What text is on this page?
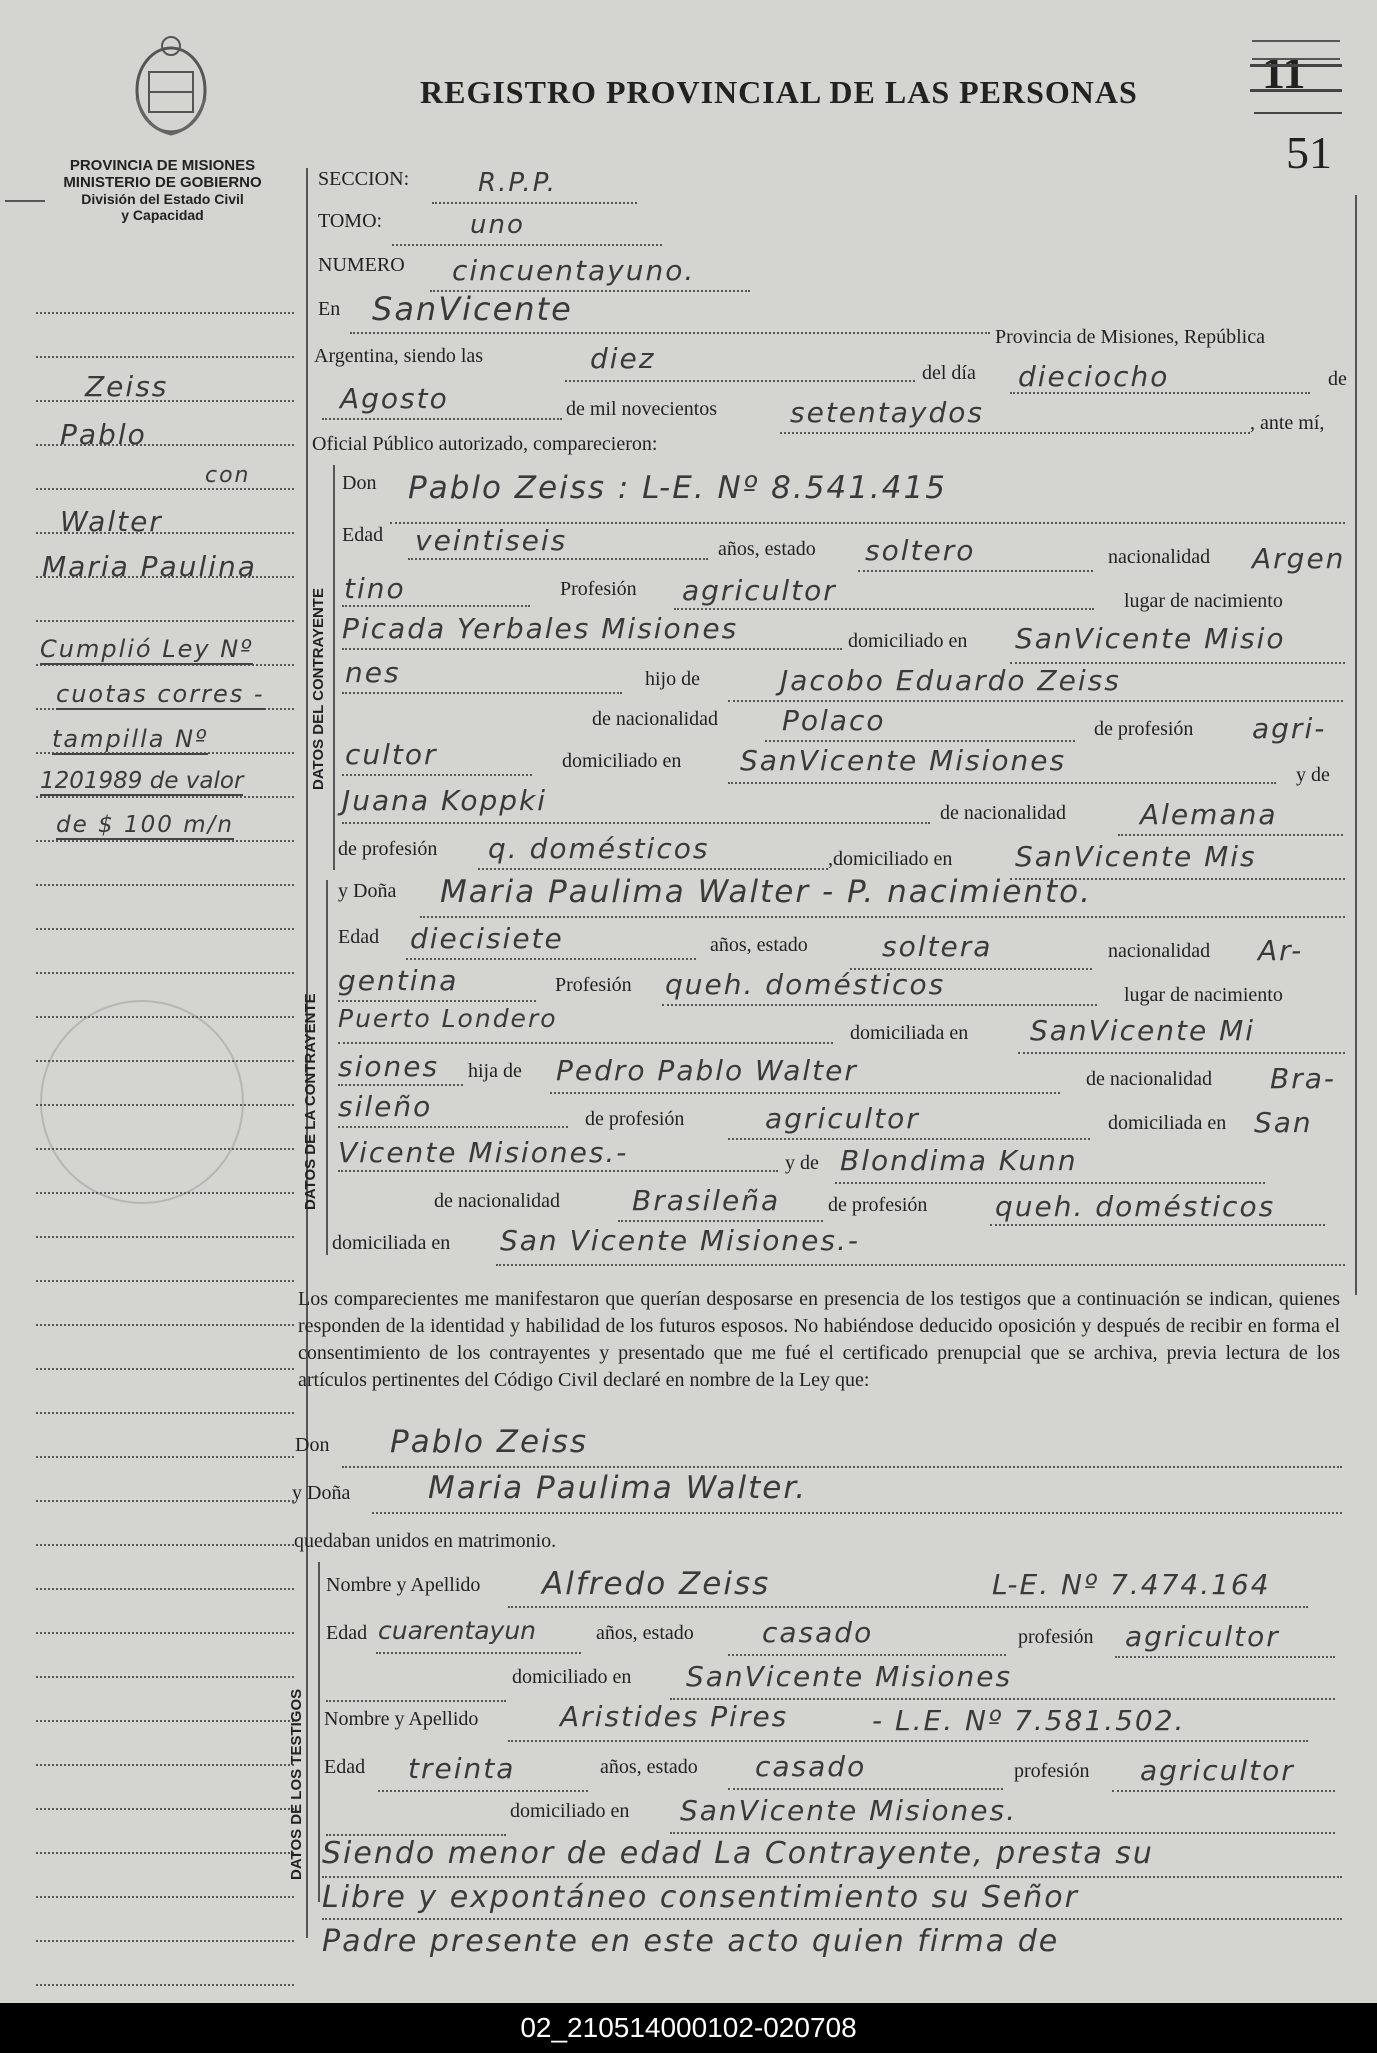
REGISTRO PROVINCIAL DE LAS PERSONAS	11
51
PROVINCIA DE MISIONES
MINISTERIO DE GOBIERNO
División del Estado Civil
y Capacidad
Zeiss
Pablo
con
Walter
Maria Paulina
Cumplió Ley Nº
cuotas corres -
tampilla Nº
1201989 de valor
de $ 100 m/n
SECCION:	R.P.P.
TOMO:	uno
NUMERO cincuentayuno.
En SanVicente
Provincia de Misiones, República
Argentina, siendo las	diez	del día dieciocho	de
Agosto	de mil novecientos	setentaydos	, ante mí,
Oficial Público autorizado, comparecieron:
DATOS DEL CONTRAYENTE
Don Pablo Zeiss : L-E. Nº 8.541.415
Edad veintiseis	años, estado soltero	nacionalidad Argen
tino	Profesión agricultor	lugar de nacimiento
Picada Yerbales Misiones	domiciliado en SanVicente Misio
nes	hijo de	Jacobo Eduardo Zeiss
de nacionalidad Polaco	de profesión agri-
cultor	domiciliado en SanVicente Misiones	y de
Juana Koppki	de nacionalidad	Alemana
de profesión q. domésticos	,domiciliado en SanVicente Mis
DATOS DE LA CONTRAYENTE
y Doña Maria Paulima Walter - P. nacimiento.
Edad diecisiete	años, estado	soltera	nacionalidad Ar-
gentina	Profesión queh. domésticos	lugar de nacimiento
Puerto Londero	domiciliada en SanVicente Mi
siones hija de Pedro Pablo Walter	de nacionalidad Bra-
sileño	de profesión	agricultor	domiciliada en San
Vicente Misiones.-	y de Blondima Kunn
de nacionalidad	Brasileña de profesión queh. domésticos
domiciliada en San Vicente Misiones.-
Los comparecientes me manifestaron que querían desposarse en presencia de los testigos que a continuación se indican, quienes responden de la identidad y habilidad de los futuros esposos. No habiéndose deducido oposición y después de recibir en forma el consentimiento de los contrayentes y presentado que me fué el certificado prenupcial que se archiva, previa lectura de los artículos pertinentes del Código Civil declaré en nombre de la Ley que:
Don Pablo Zeiss
y Doña	Maria Paulima Walter.
quedaban unidos en matrimonio.
DATOS DE LOS TESTIGOS
Nombre y Apellido Alfredo Zeiss	L-E. Nº 7.474.164
Edad cuarentayun	años, estado casado	profesión agricultor
domiciliado en SanVicente Misiones
Nombre y Apellido	Aristides Pires	- L.E. Nº 7.581.502.
Edad treinta	años, estado casado	profesión agricultor
domiciliado en SanVicente Misiones.
Siendo menor de edad La Contrayente, presta su
Libre y expontáneo consentimiento su Señor
Padre presente en este acto quien firma de
02_210514000102-020708
